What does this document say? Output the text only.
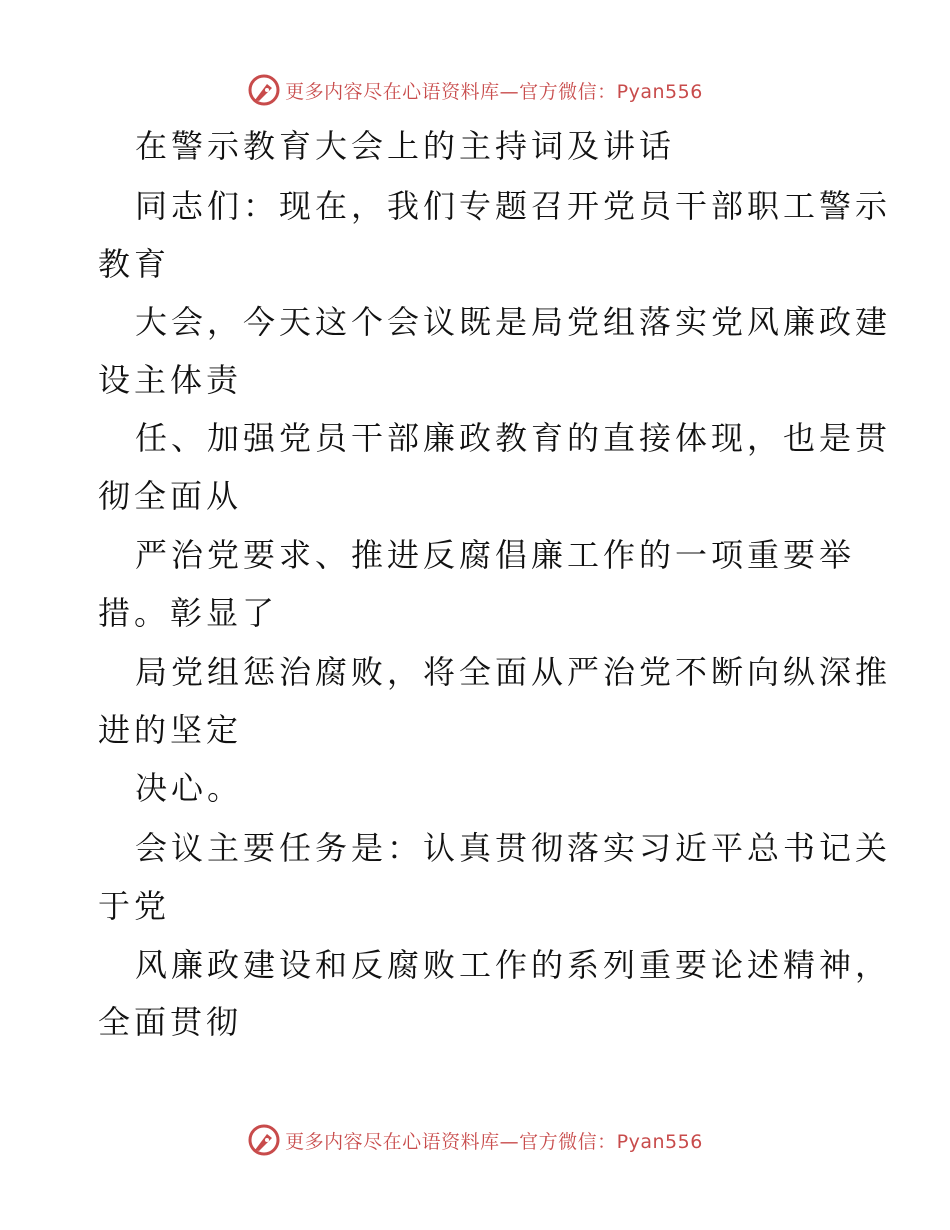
更多内容尽在心语资料库—官方微信：Pyan556
在警示教育大会上的主持词及讲话
同志们：现在，我们专题召开党员干部职工警示
教育
大会，今天这个会议既是局党组落实党风廉政建
设主体责
任、加强党员干部廉政教育的直接体现，也是贯
彻全面从
严治党要求、推进反腐倡廉工作的一项重要举
措。彰显了
局党组惩治腐败，将全面从严治党不断向纵深推
进的坚定
决心。
会议主要任务是：认真贯彻落实习近平总书记关
于党
风廉政建设和反腐败工作的系列重要论述精神，
全面贯彻
更多内容尽在心语资料库—官方微信：Pyan556
